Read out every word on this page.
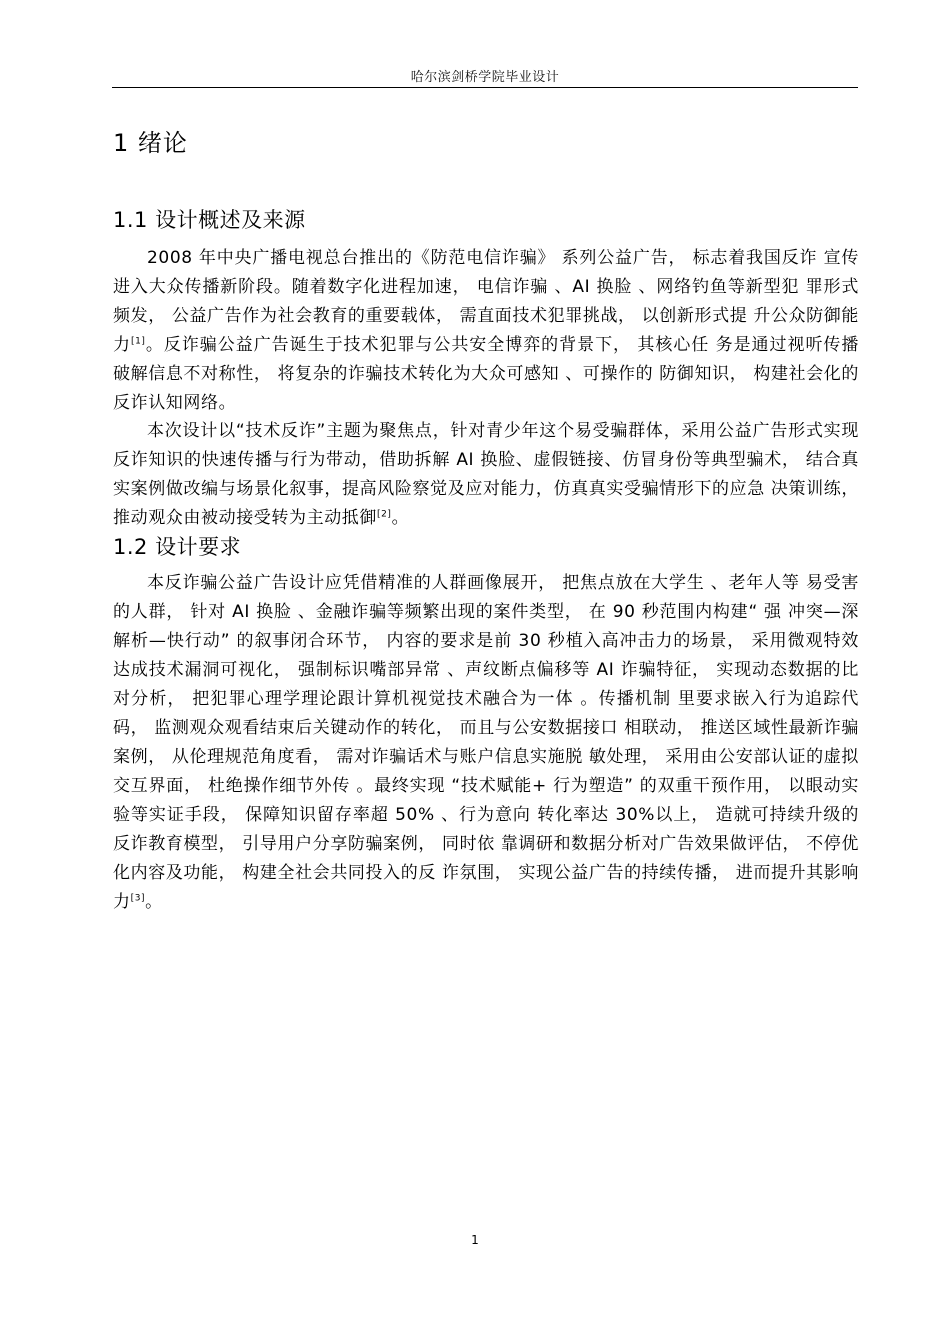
哈尔滨剑桥学院毕业设计
1 绪论
1.1 设计概述及来源

2008 年中央广播电视总台推出的《防范电信诈骗》 系列公益广告， 标志着我国反诈 宣传进入大众传播新阶段。随着数字化进程加速， 电信诈骗 、AI 换脸 、网络钓鱼等新型犯 罪形式频发， 公益广告作为社会教育的重要载体， 需直面技术犯罪挑战， 以创新形式提 升公众防御能力[1]。反诈骗公益广告诞生于技术犯罪与公共安全博弈的背景下， 其核心任 务是通过视听传播破解信息不对称性， 将复杂的诈骗技术转化为大众可感知 、可操作的 防御知识， 构建社会化的反诈认知网络。

本次设计以“技术反诈”主题为聚焦点，针对青少年这个易受骗群体，采用公益广告形式实现反诈知识的快速传播与行为带动，借助拆解 AI 换脸、虚假链接、仿冒身份等典型骗术， 结合真实案例做改编与场景化叙事，提高风险察觉及应对能力，仿真真实受骗情形下的应急 决策训练，推动观众由被动接受转为主动抵御[2]。

1.2 设计要求

本反诈骗公益广告设计应凭借精准的人群画像展开， 把焦点放在大学生 、老年人等 易受害的人群， 针对 AI 换脸 、金融诈骗等频繁出现的案件类型， 在 90 秒范围内构建“ 强 冲突—深解析—快行动” 的叙事闭合环节， 内容的要求是前 30 秒植入高冲击力的场景， 采用微观特效达成技术漏洞可视化， 强制标识嘴部异常 、声纹断点偏移等 AI 诈骗特征， 实现动态数据的比对分析， 把犯罪心理学理论跟计算机视觉技术融合为一体 。传播机制 里要求嵌入行为追踪代码， 监测观众观看结束后关键动作的转化， 而且与公安数据接口 相联动， 推送区域性最新诈骗案例， 从伦理规范角度看， 需对诈骗话术与账户信息实施脱 敏处理， 采用由公安部认证的虚拟交互界面， 杜绝操作细节外传 。最终实现 “技术赋能+ 行为塑造” 的双重干预作用， 以眼动实验等实证手段， 保障知识留存率超 50% 、行为意向 转化率达 30%以上， 造就可持续升级的反诈教育模型， 引导用户分享防骗案例， 同时依 靠调研和数据分析对广告效果做评估， 不停优化内容及功能， 构建全社会共同投入的反 诈氛围， 实现公益广告的持续传播， 进而提升其影响力[3]。

1
